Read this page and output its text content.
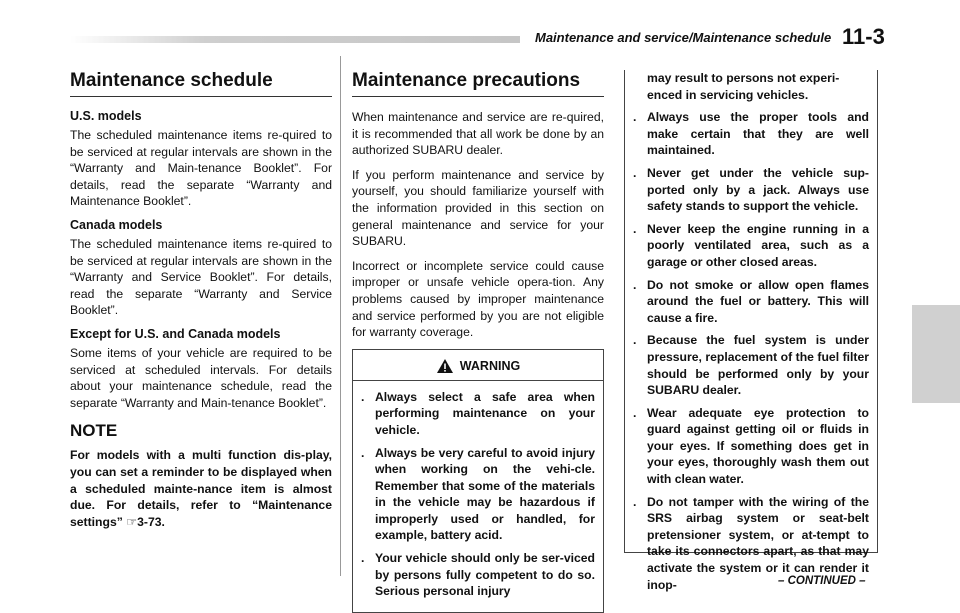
Maintenance and service/Maintenance schedule 11-3
Maintenance schedule
U.S. models

The scheduled maintenance items re-quired to be serviced at regular intervals are shown in the “Warranty and Main-tenance Booklet”. For details, read the separate “Warranty and Maintenance Booklet”.

Canada models

The scheduled maintenance items re-quired to be serviced at regular intervals are shown in the “Warranty and Service Booklet”. For details, read the separate “Warranty and Service Booklet”.

Except for U.S. and Canada models

Some items of your vehicle are required to be serviced at scheduled intervals. For details about your maintenance schedule, read the separate “Warranty and Main-tenance Booklet”.

NOTE

For models with a multi function dis-play, you can set a reminder to be displayed when a scheduled mainte-nance item is almost due. For details, refer to “Maintenance settings” ☞3-73.

Maintenance precautions

When maintenance and service are re-quired, it is recommended that all work be done by an authorized SUBARU dealer.

If you perform maintenance and service by yourself, you should familiarize yourself with the information provided in this section on general maintenance and service for your SUBARU.

Incorrect or incomplete service could cause improper or unsafe vehicle opera-tion. Any problems caused by improper maintenance and service performed by you are not eligible for warranty coverage.

WARNING
. Always select a safe area when performing maintenance on your vehicle.
. Always be very careful to avoid injury when working on the vehi-cle. Remember that some of the materials in the vehicle may be hazardous if improperly used or handled, for example, battery acid.
. Your vehicle should only be ser-viced by persons fully competent to do so. Serious personal injury

may result to persons not experi-enced in servicing vehicles.

. Always use the proper tools and make certain that they are well maintained.
. Never get under the vehicle sup-ported only by a jack. Always use safety stands to support the vehicle.
. Never keep the engine running in a poorly ventilated area, such as a garage or other closed areas.
. Do not smoke or allow open flames around the fuel or battery. This will cause a fire.
. Because the fuel system is under pressure, replacement of the fuel filter should be performed only by your SUBARU dealer.
. Wear adequate eye protection to guard against getting oil or fluids in your eyes. If something does get in your eyes, thoroughly wash them out with clean water.
. Do not tamper with the wiring of the SRS airbag system or seat-belt pretensioner system, or at-tempt to take its connectors apart, as that may activate the system or it can render it inop-	– CONTINUED –
